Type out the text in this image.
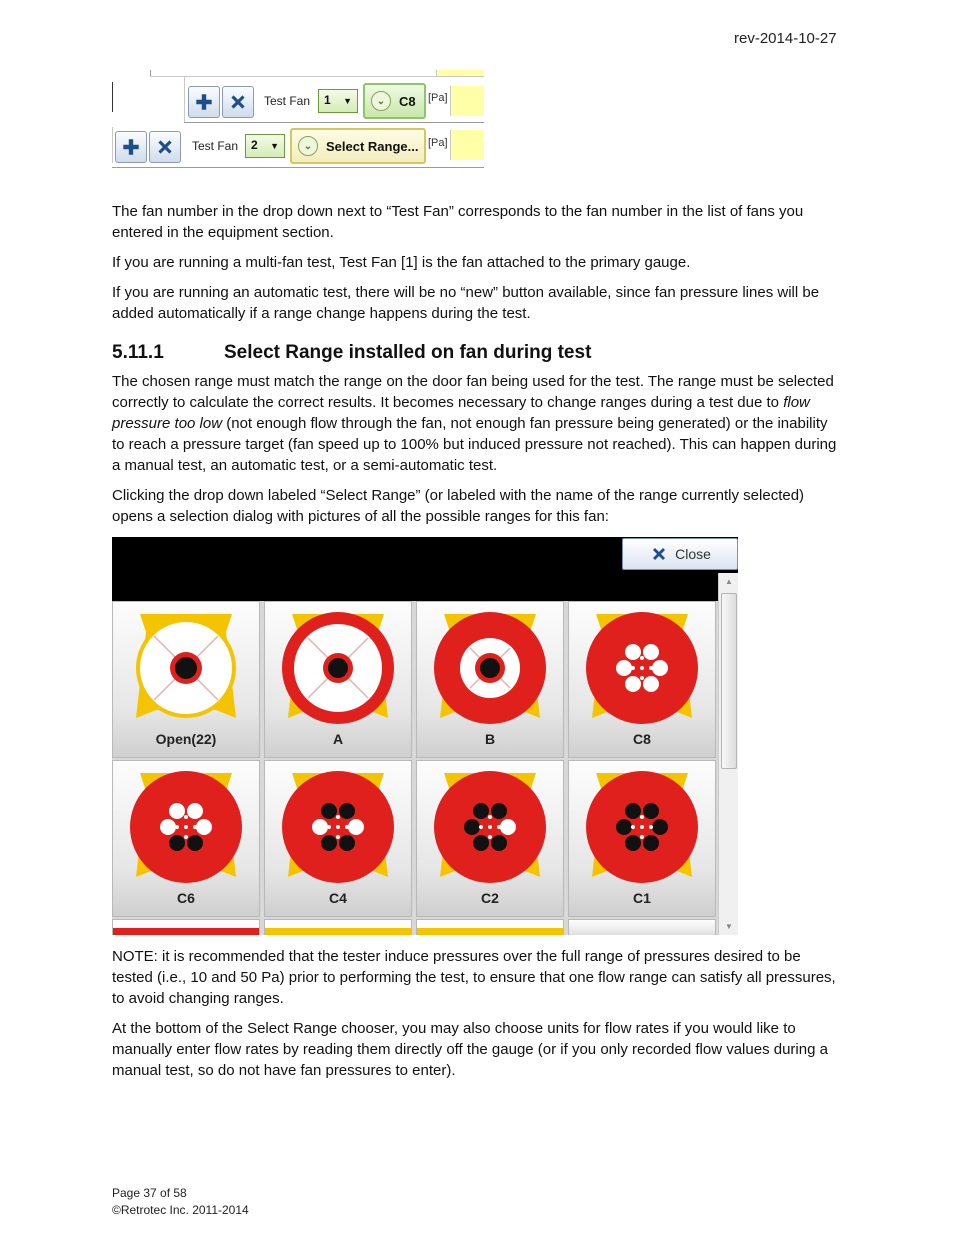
rev-2014-10-27
Test Fan	1 ▼	⌄	C8 [Pa]
Test Fan	2 ▼	⌄	Select Range... [Pa]

The fan number in the drop down next to “Test Fan” corresponds to the fan number in the list of fans you entered in the equipment section.

If you are running a multi-fan test, Test Fan [1] is the fan attached to the primary gauge.

If you are running an automatic test, there will be no “new” button available, since fan pressure lines will be added automatically if a range change happens during the test.

5.11.1	Select Range installed on fan during test

The chosen range must match the range on the door fan being used for the test. The range must be selected correctly to calculate the correct results. It becomes necessary to change ranges during a test due to flow pressure too low (not enough flow through the fan, not enough fan pressure being generated) or the inability to reach a pressure target (fan speed up to 100% but induced pressure not reached). This can happen during a manual test, an automatic test, or a semi-automatic test.

Clicking the drop down labeled “Select Range” (or labeled with the name of the range currently selected) opens a selection dialog with pictures of all the possible ranges for this fan:

Close
Open(22)	A	B	C8
C6	C4	C2	C1
▲
▼

NOTE: it is recommended that the tester induce pressures over the full range of pressures desired to be tested (i.e., 10 and 50 Pa) prior to performing the test, to ensure that one flow range can satisfy all pressures, to avoid changing ranges.

At the bottom of the Select Range chooser, you may also choose units for flow rates if you would like to manually enter flow rates by reading them directly off the gauge (or if you only recorded flow values during a manual test, so do not have fan pressures to enter).

Page 37 of 58
©Retrotec Inc. 2011-2014
